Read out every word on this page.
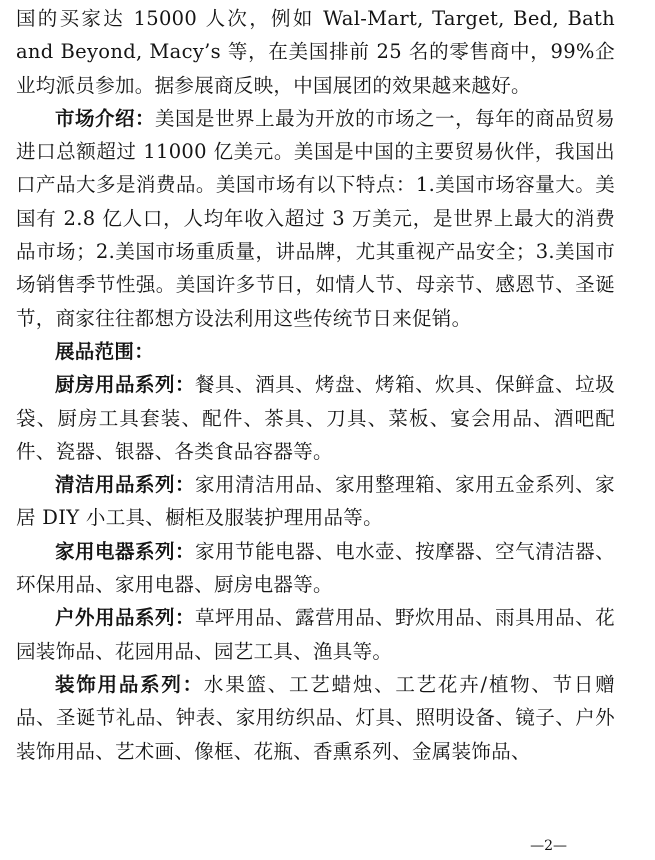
国的买家达 15000 人次，例如 Wal-Mart, Target, Bed, Bath and Beyond, Macy’s 等，在美国排前 25 名的零售商中，99%企业均派员参加。据参展商反映，中国展团的效果越来越好。

市场介绍：美国是世界上最为开放的市场之一，每年的商品贸易进口总额超过 11000 亿美元。美国是中国的主要贸易伙伴，我国出口产品大多是消费品。美国市场有以下特点：1.美国市场容量大。美国有 2.8 亿人口，人均年收入超过 3 万美元，是世界上最大的消费品市场；2.美国市场重质量，讲品牌，尤其重视产品安全；3.美国市场销售季节性强。美国许多节日，如情人节、母亲节、感恩节、圣诞节，商家往往都想方设法利用这些传统节日来促销。

展品范围：

厨房用品系列：餐具、酒具、烤盘、烤箱、炊具、保鲜盒、垃圾袋、厨房工具套装、配件、茶具、刀具、菜板、宴会用品、酒吧配件、瓷器、银器、各类食品容器等。

清洁用品系列：家用清洁用品、家用整理箱、家用五金系列、家居 DIY 小工具、橱柜及服装护理用品等。

家用电器系列：家用节能电器、电水壶、按摩器、空气清洁器、环保用品、家用电器、厨房电器等。

户外用品系列：草坪用品、露营用品、野炊用品、雨具用品、花园装饰品、花园用品、园艺工具、渔具等。

装饰用品系列：水果篮、工艺蜡烛、工艺花卉/植物、节日赠品、圣诞节礼品、钟表、家用纺织品、灯具、照明设备、镜子、户外装饰用品、艺术画、像框、花瓶、香熏系列、金属装饰品、

—2—
